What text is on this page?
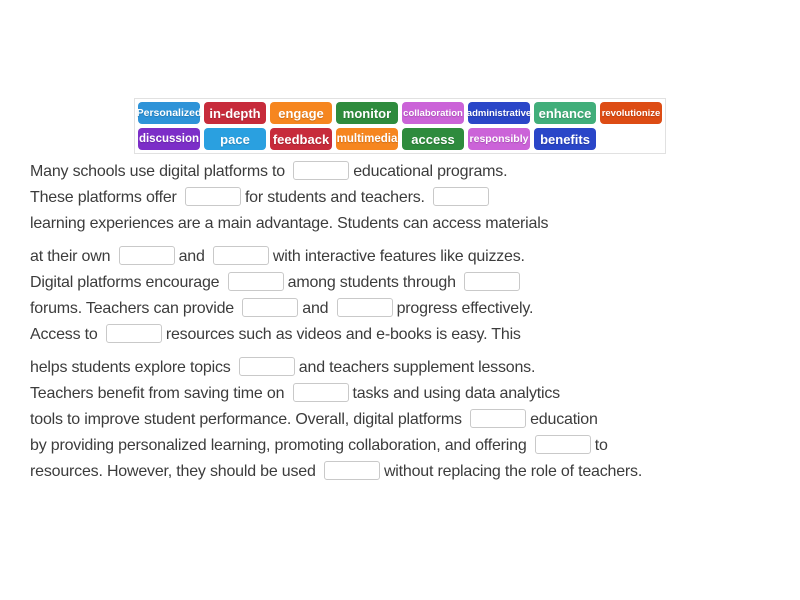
Personalized in-depth	engage	monitor	collaboration administrative enhance	revolutionize
discussion	pace	feedback multimedia	access	responsibly benefits
Many schools use digital platforms to	educational programs.
These platforms offer	for students and teachers.
learning experiences are a main advantage. Students can access materials
at their own	and	with interactive features like quizzes.
Digital platforms encourage	among students through
forums. Teachers can provide	and	progress effectively.
Access to	resources such as videos and e-books is easy. This
helps students explore topics	and teachers supplement lessons.
Teachers benefit from saving time on	tasks and using data analytics
tools to improve student performance. Overall, digital platforms	education
by providing personalized learning, promoting collaboration, and offering	to
resources. However, they should be used	without replacing the role of teachers.
